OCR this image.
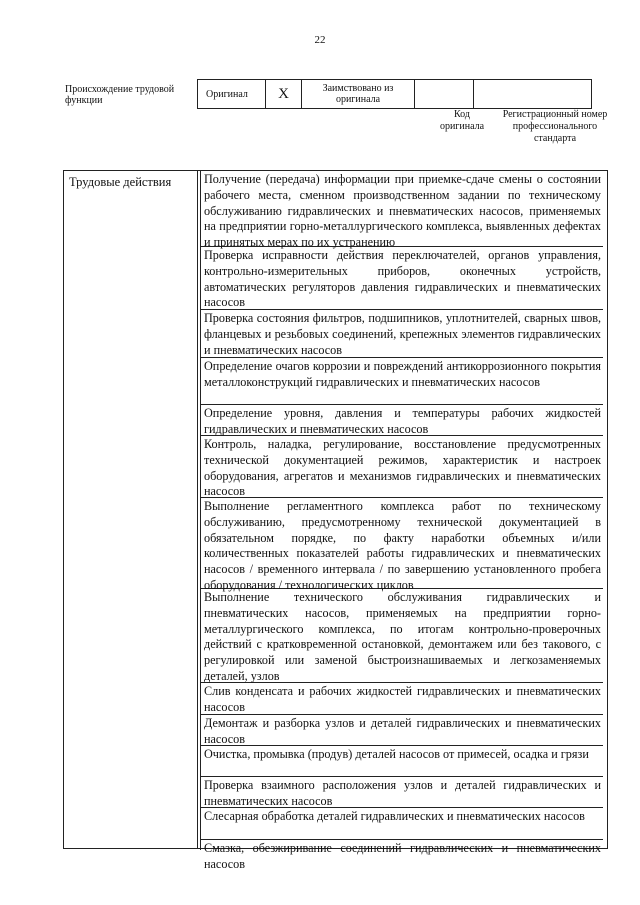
22
Происхождение трудовой функции
Оригинал	X	Заимствовано из оригинала		
Код оригинала
Регистрационный номер профессионального стандарта
Трудовые действия	Получение (передача) информации при приемке-сдаче смены о состоянии рабочего места, сменном производственном задании по техническому обслуживанию гидравлических и пневматических насосов, применяемых на предприятии горно-металлургического комплекса, выявленных дефектах и принятых мерах по их устранению
Проверка исправности действия переключателей, органов управления, контрольно-измерительных приборов, оконечных устройств, автоматических регуляторов давления гидравлических и пневматических насосов
Проверка состояния фильтров, подшипников, уплотнителей, сварных швов, фланцевых и резьбовых соединений, крепежных элементов гидравлических и пневматических насосов
Определение очагов коррозии и повреждений антикоррозионного покрытия металлоконструкций гидравлических и пневматических насосов
Определение уровня, давления и температуры рабочих жидкостей гидравлических и пневматических насосов
Контроль, наладка, регулирование, восстановление предусмотренных технической документацией режимов, характеристик и настроек оборудования, агрегатов и механизмов гидравлических и пневматических насосов
Выполнение регламентного комплекса работ по техническому обслуживанию, предусмотренному технической документацией в обязательном порядке, по факту наработки объемных и/или количественных показателей работы гидравлических и пневматических насосов / временного интервала / по завершению установленного пробега оборудования / технологических циклов
Выполнение технического обслуживания гидравлических и пневматических насосов, применяемых на предприятии горно-металлургического комплекса, по итогам контрольно-проверочных действий с кратковременной остановкой, демонтажем или без такового, с регулировкой или заменой быстроизнашиваемых и легкозаменяемых деталей, узлов
Слив конденсата и рабочих жидкостей гидравлических и пневматических насосов
Демонтаж и разборка узлов и деталей гидравлических и пневматических насосов
Очистка, промывка (продув) деталей насосов от примесей, осадка и грязи
Проверка взаимного расположения узлов и деталей гидравлических и пневматических насосов
Слесарная обработка деталей гидравлических и пневматических насосов
Смазка, обезжиривание соединений гидравлических и пневматических насосов
